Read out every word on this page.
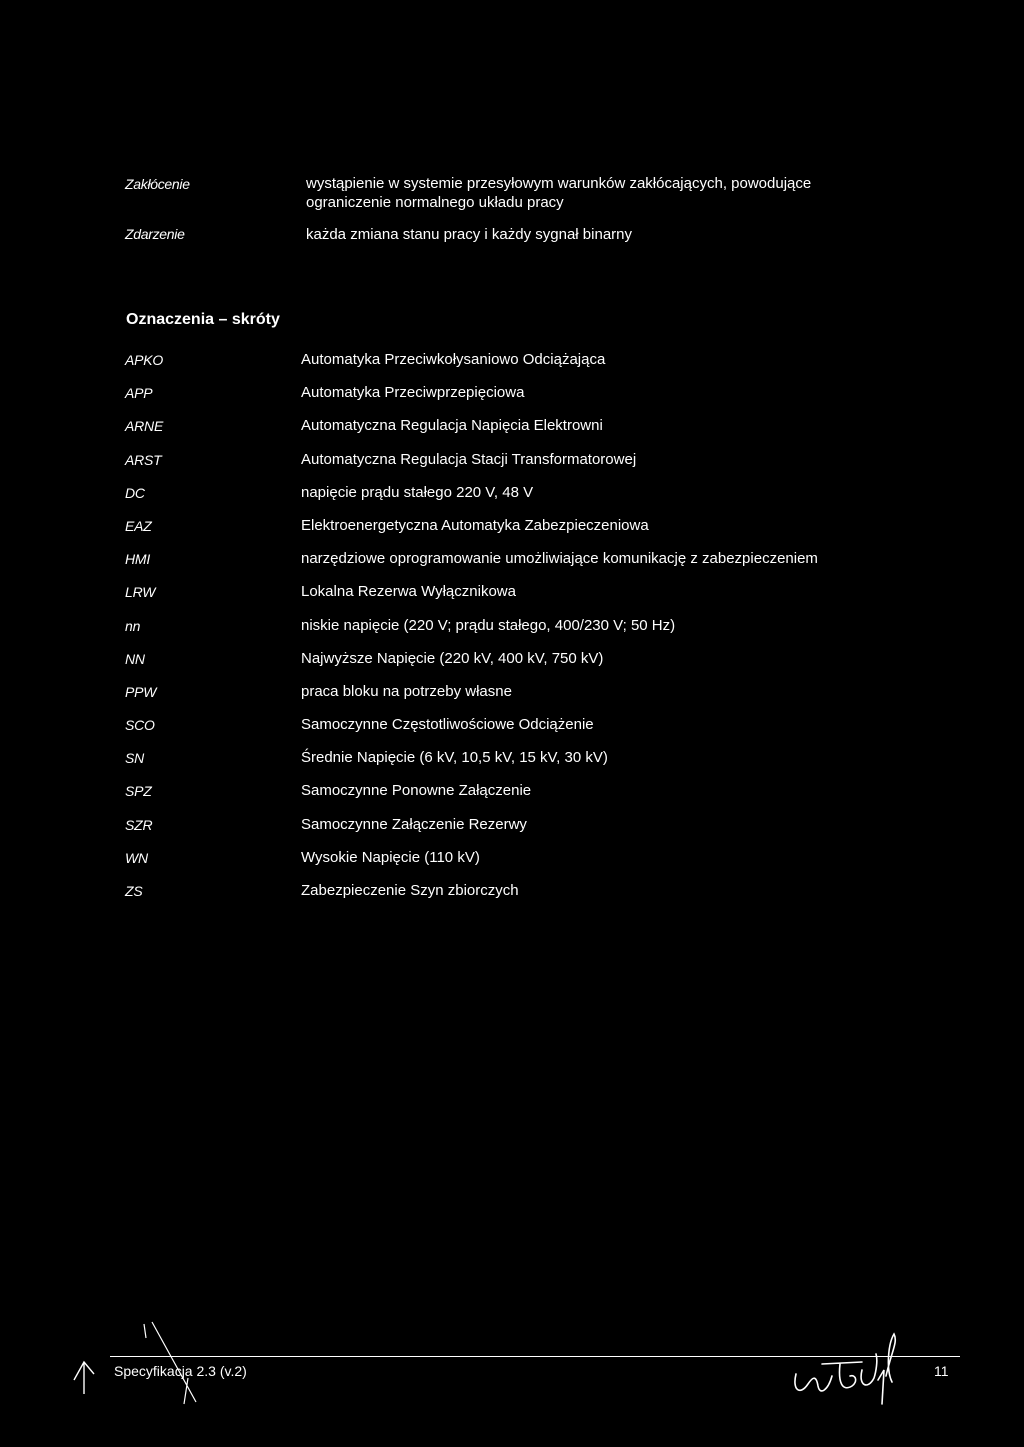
Zakłócenie	wystąpienie w systemie przesyłowym warunków zakłócających, powodujące ograniczenie normalnego układu pracy
Zdarzenie	każda zmiana stanu pracy i każdy sygnał binarny
Oznaczenia – skróty
APKO	Automatyka Przeciwkołysaniowo Odciążająca
APP	Automatyka Przeciwprzepięciowa
ARNE	Automatyczna Regulacja Napięcia Elektrowni
ARST	Automatyczna Regulacja Stacji Transformatorowej
DC	napięcie prądu stałego 220 V, 48 V
EAZ	Elektroenergetyczna Automatyka Zabezpieczeniowa
HMI	narzędziowe oprogramowanie umożliwiające komunikację z zabezpieczeniem
LRW	Lokalna Rezerwa Wyłącznikowa
nn	niskie napięcie (220 V; prądu stałego, 400/230 V; 50 Hz)
NN	Najwyższe Napięcie (220 kV, 400 kV, 750 kV)
PPW	praca bloku na potrzeby własne
SCO	Samoczynne Częstotliwościowe Odciążenie
SN	Średnie Napięcie (6 kV, 10,5 kV, 15 kV, 30 kV)
SPZ	Samoczynne Ponowne Załączenie
SZR	Samoczynne Załączenie Rezerwy
WN	Wysokie Napięcie (110 kV)
ZS	Zabezpieczenie Szyn zbiorczych
Specyfikacja 2.3 (v.2)	11
